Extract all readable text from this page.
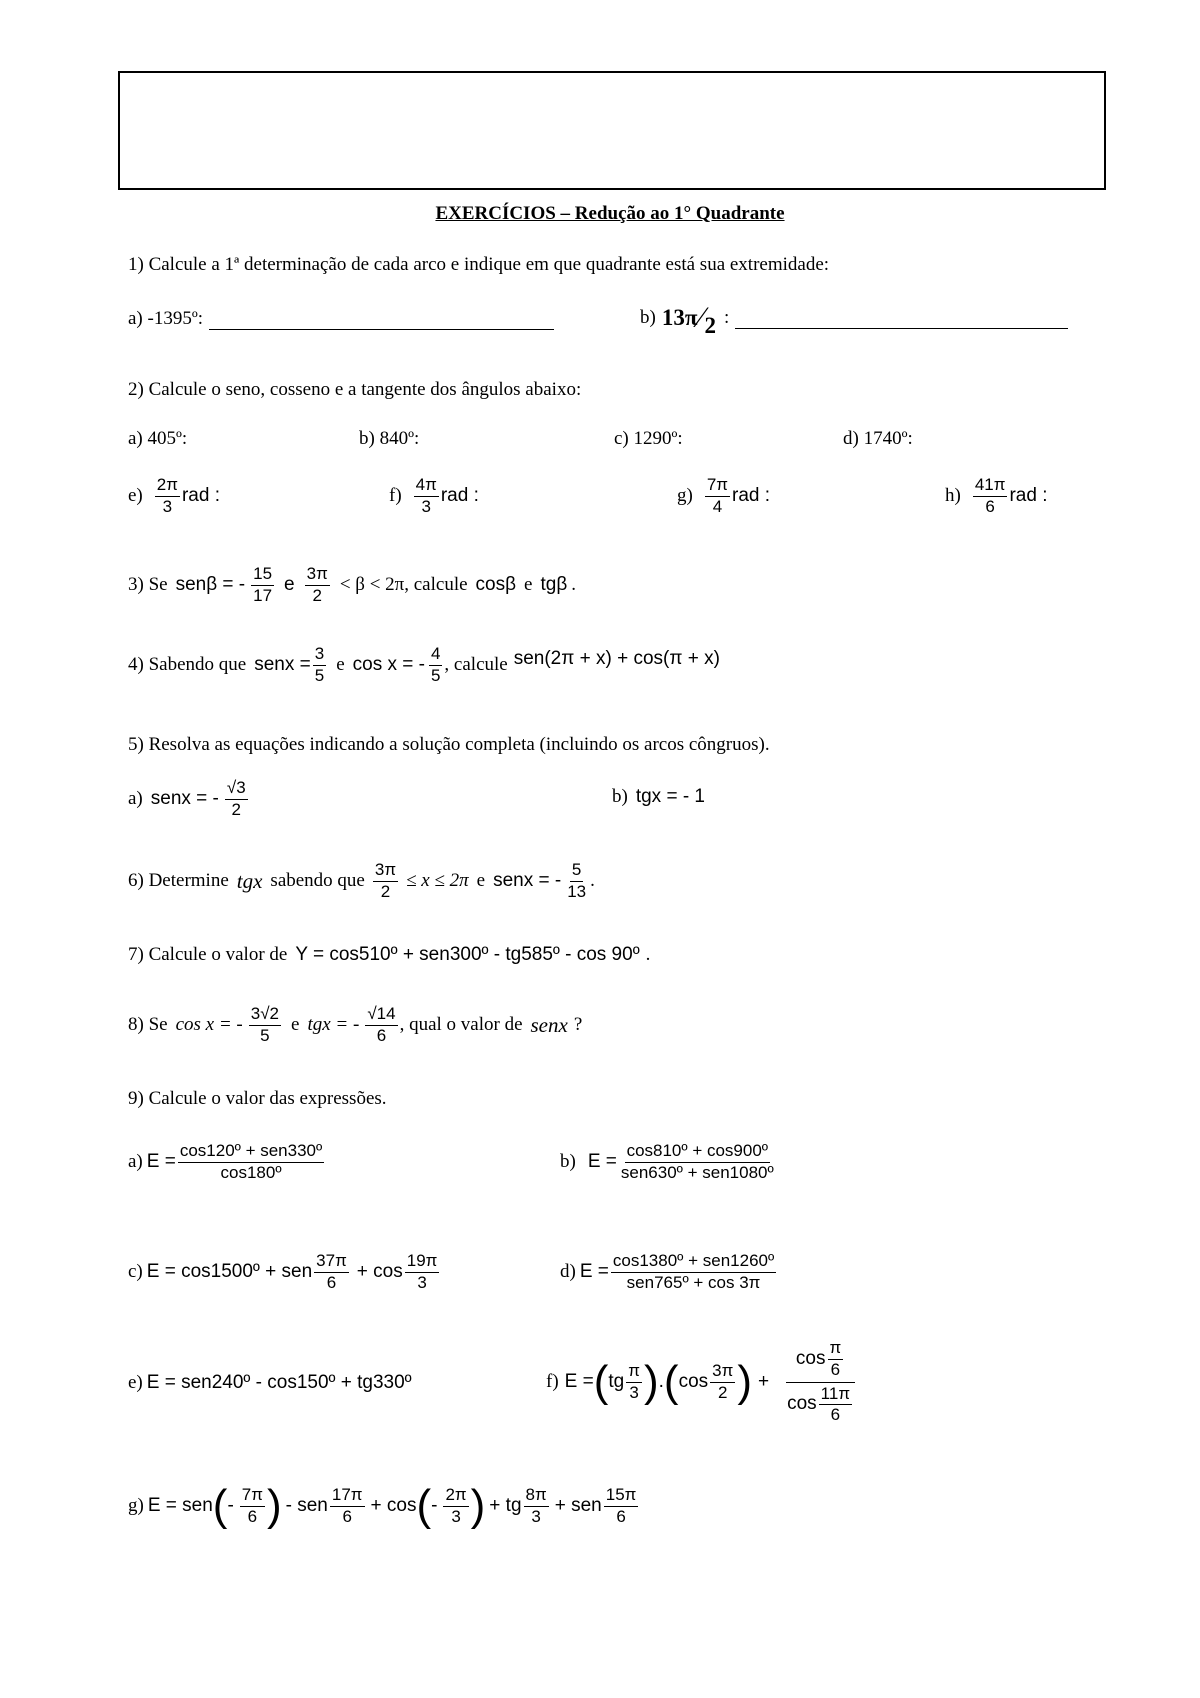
EXERCÍCIOS – Redução ao 1° Quadrante
1) Calcule a 1ª determinação de cada arco e indique em que quadrante está sua extremidade:
a) -1395º:	b) 13π ⁄ 2 :
2) Calcule o seno, cosseno e a tangente dos ângulos abaixo:
a) 405º:	b) 840º:	c) 1290º:	d) 1740º:
$e) \frac{2\pi}{3}$ rad :	$f) \frac{4\pi}{3}$ rad :	$g) \frac{7\pi}{4}$ rad :	$h) \frac{41\pi}{6}$ rad :
3) Se senβ = - $\frac{15}{17}$ e $\frac{3\pi}{2} < \beta < 2\pi$, calcule cosβ e tgβ .
4) Sabendo que senx = $\frac{3}{5}$ e cos x = - $\frac{4}{5}$ , calcule sen(2π + x) + cos(π + x)
5) Resolva as equações indicando a solução completa (incluindo os arcos côngruos).
a) senx = - $\frac{√3}{2}$	b) tgx = - 1
6) Determine tgx sabendo que $\frac{3\pi}{2} \le x \le 2\pi$ e senx = - $\frac{5}{13}$ .
7) Calcule o valor de Y = cos510º + sen300º - tg585º - cos 90º .
8) Se cos x = - $\frac{3√2}{5}$ e tgx = - $\frac{√14}{6}$ , qual o valor de senx ?
9) Calcule o valor das expressões.
a) $E = \frac{\text{cos120º + sen330º}}{\text{cos180º}}$	b) $E = \frac{\text{cos810º + cos900º}}{\text{sen630º + sen1080º}}$
c) E = cos1500º + sen $\frac{37\pi}{6} + \cos \frac{19\pi}{3}$	d) $E = \frac{\text{cos1380º + sen1260º}}{\text{sen765º + cos 3π}}$
e) E = sen240º - cos150º + tg330º	f) E = ( tg $\frac{\pi}{3}$ ) . ( $\cos \frac{3\pi}{2}$ ) + $\frac{\cos \frac{\pi}{6}}{\cos \frac{11\pi}{6}}$
g) E = sen ( - $\frac{7\pi}{6}$ ) - sen $\frac{17\pi}{6} + \cos$ ( - $\frac{2\pi}{3}$ ) + tg $\frac{8\pi}{3}$ + sen $\frac{15\pi}{6}$
